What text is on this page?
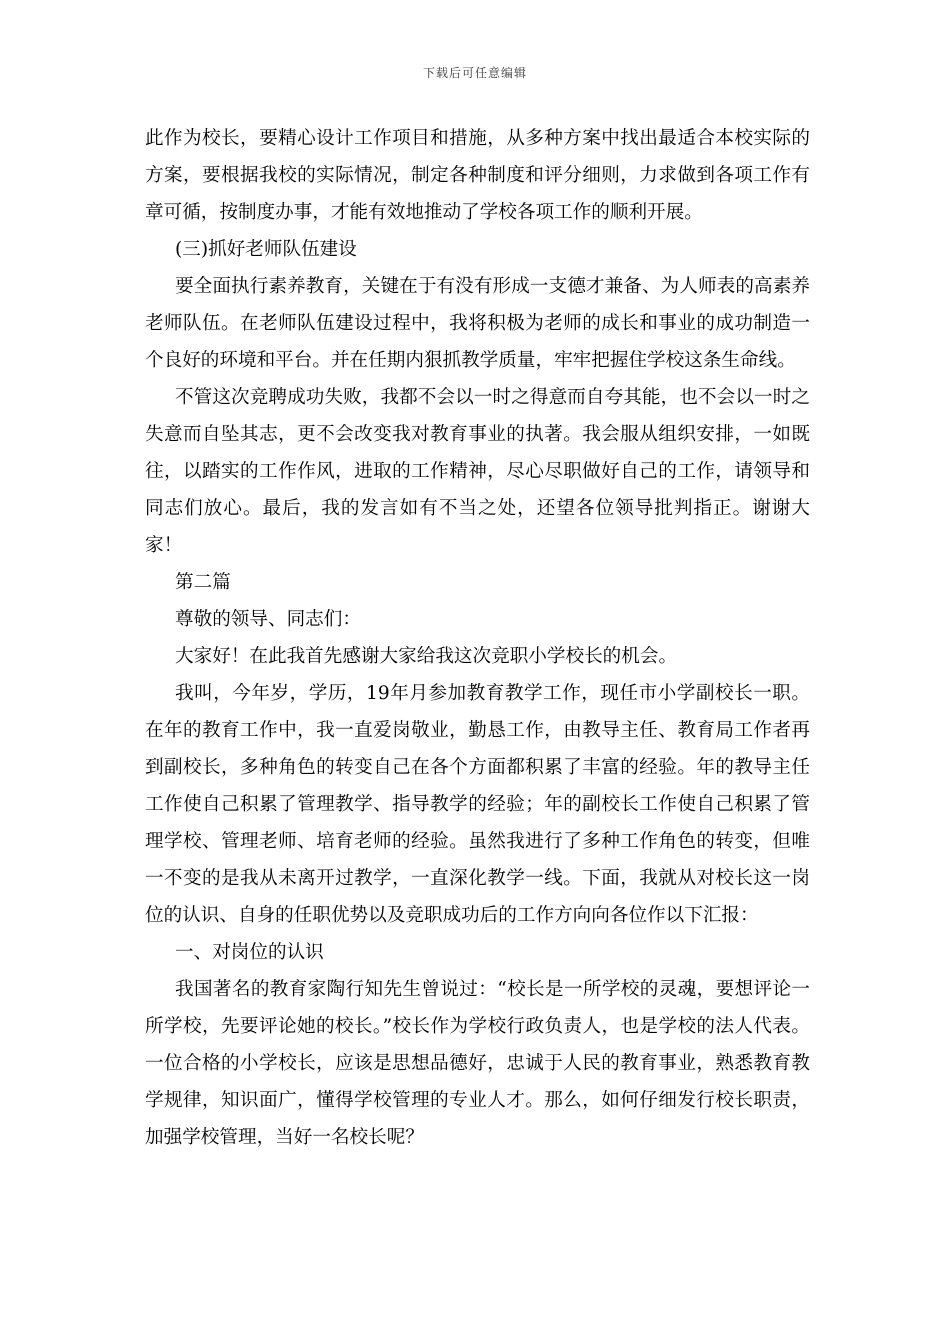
下载后可任意编辑

此作为校长，要精心设计工作项目和措施，从多种方案中找出最适合本校实际的方案，要根据我校的实际情况，制定各种制度和评分细则，力求做到各项工作有章可循，按制度办事，才能有效地推动了学校各项工作的顺利开展。

(三)抓好老师队伍建设

要全面执行素养教育，关键在于有没有形成一支德才兼备、为人师表的高素养老师队伍。在老师队伍建设过程中，我将积极为老师的成长和事业的成功制造一个良好的环境和平台。并在任期内狠抓教学质量，牢牢把握住学校这条生命线。

不管这次竞聘成功失败，我都不会以一时之得意而自夸其能，也不会以一时之失意而自坠其志，更不会改变我对教育事业的执著。我会服从组织安排，一如既往，以踏实的工作作风，进取的工作精神，尽心尽职做好自己的工作，请领导和同志们放心。最后，我的发言如有不当之处，还望各位领导批判指正。谢谢大家！

第二篇

尊敬的领导、同志们：

大家好！在此我首先感谢大家给我这次竞职小学校长的机会。

我叫，今年岁，学历，19年月参加教育教学工作，现任市小学副校长一职。在年的教育工作中，我一直爱岗敬业，勤恳工作，由教导主任、教育局工作者再到副校长，多种角色的转变自己在各个方面都积累了丰富的经验。年的教导主任工作使自己积累了管理教学、指导教学的经验；年的副校长工作使自己积累了管理学校、管理老师、培育老师的经验。虽然我进行了多种工作角色的转变，但唯一不变的是我从未离开过教学，一直深化教学一线。下面，我就从对校长这一岗位的认识、自身的任职优势以及竞职成功后的工作方向向各位作以下汇报：

一、对岗位的认识

我国著名的教育家陶行知先生曾说过：“校长是一所学校的灵魂，要想评论一所学校，先要评论她的校长。”校长作为学校行政负责人，也是学校的法人代表。一位合格的小学校长，应该是思想品德好，忠诚于人民的教育事业，熟悉教育教学规律，知识面广，懂得学校管理的专业人才。那么，如何仔细发行校长职责，加强学校管理，当好一名校长呢？
